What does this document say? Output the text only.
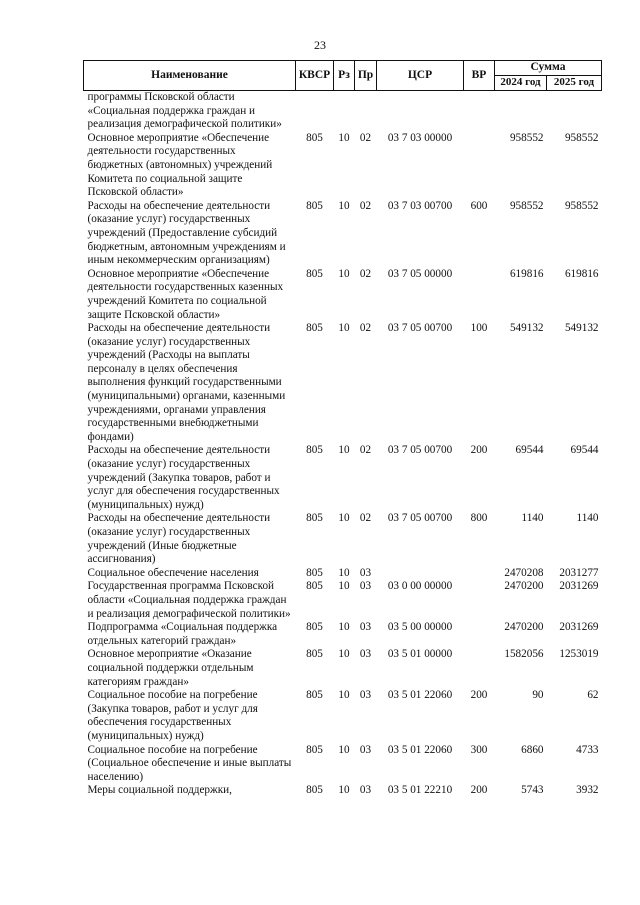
23
Наименование	КВСР	Рз	Пр	ЦСР	ВР	Сумма	
						2024 год	2025 год
программы Псковской области «Социальная поддержка граждан и реализация демографической политики»							
Основное мероприятие «Обеспечение деятельности государственных бюджетных (автономных) учреждений Комитета по социальной защите Псковской области»	805	10	02	03 7 03 00000		958552	958552
Расходы на обеспечение деятельности (оказание услуг) государственных учреждений (Предоставление субсидий бюджетным, автономным учреждениям и иным некоммерческим организациям)	805	10	02	03 7 03 00700	600	958552	958552
Основное мероприятие «Обеспечение деятельности государственных казенных учреждений Комитета по социальной защите Псковской области»	805	10	02	03 7 05 00000		619816	619816
Расходы на обеспечение деятельности (оказание услуг) государственных учреждений (Расходы на выплаты персоналу в целях обеспечения выполнения функций государственными (муниципальными) органами, казенными учреждениями, органами управления государственными внебюджетными фондами)	805	10	02	03 7 05 00700	100	549132	549132
Расходы на обеспечение деятельности (оказание услуг) государственных учреждений (Закупка товаров, работ и услуг для обеспечения государственных (муниципальных) нужд)	805	10	02	03 7 05 00700	200	69544	69544
Расходы на обеспечение деятельности (оказание услуг) государственных учреждений (Иные бюджетные ассигнования)	805	10	02	03 7 05 00700	800	1140	1140
Социальное обеспечение населения	805	10	03			2470208	2031277
Государственная программа Псковской области «Социальная поддержка граждан и реализация демографической политики»	805	10	03	03 0 00 00000		2470200	2031269
Подпрограмма «Социальная поддержка отдельных категорий граждан»	805	10	03	03 5 00 00000		2470200	2031269
Основное мероприятие «Оказание социальной поддержки отдельным категориям граждан»	805	10	03	03 5 01 00000		1582056	1253019
Социальное пособие на погребение (Закупка товаров, работ и услуг для обеспечения государственных (муниципальных) нужд)	805	10	03	03 5 01 22060	200	90	62
Социальное пособие на погребение (Социальное обеспечение и иные выплаты населению)	805	10	03	03 5 01 22060	300	6860	4733
Меры социальной поддержки,	805	10	03	03 5 01 22210	200	5743	3932
